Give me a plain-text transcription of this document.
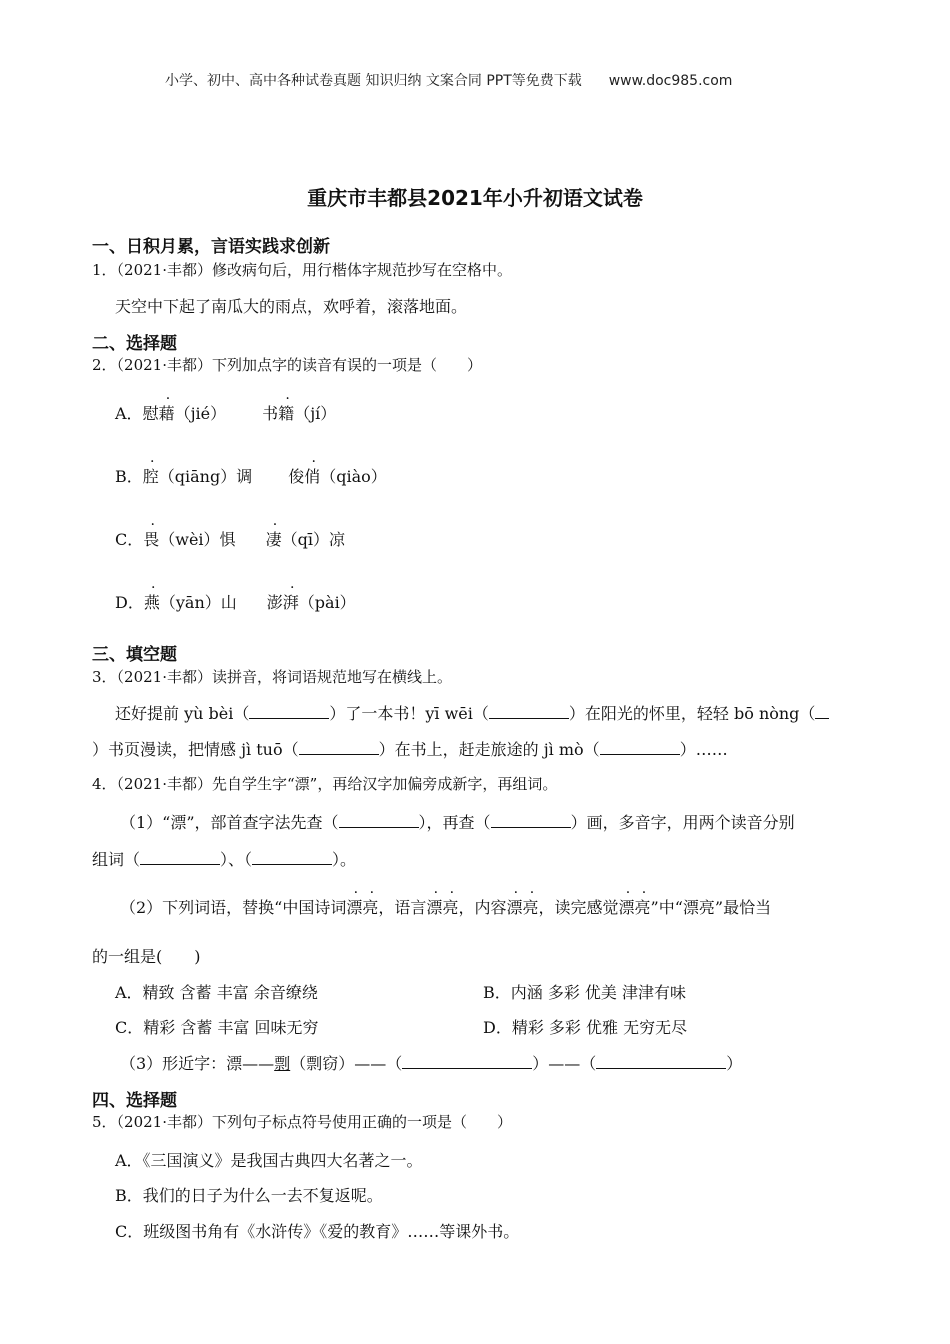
小学、初中、高中各种试卷真题 知识归纳 文案合同 PPT等免费下载 www.doc985.com
重庆市丰都县2021年小升初语文试卷
一、日积月累，言语实践求创新
1．（2021·丰都）修改病句后，用行楷体字规范抄写在空格中。
天空中下起了南瓜大的雨点，欢呼着，滚落地面。
二、选择题
2．（2021·丰都）下列加点字的读音有误的一项是（　　）
A．慰藉（jié） 书籍（jí）
B．腔（qiāng）调 俊俏（qiào）
C．畏（wèi）惧 凄（qī）凉
D．燕（yān）山 澎湃（pài）
三、填空题
3．（2021·丰都）读拼音，将词语规范地写在横线上。
还好提前 yù bèi（	）了一本书！yī wēi（	）在阳光的怀里，轻轻 bō nòng（
）书页漫读，把情感 jì tuō（	）在书上，赶走旅途的 jì mò（	）……
4．（2021·丰都）先自学生字“漂”，再给汉字加偏旁成新字，再组词。
（1）“漂”，部首查字法先查（	），再查（	）画，多音字，用两个读音分别
组词（	）、（	）。
（2）下列词语，替换“中国诗词漂亮，语言漂亮，内容漂亮，读完感觉漂亮”中“漂亮”最恰当
的一组是(　　)
A．精致 含蓄 丰富 余音缭绕	B．内涵 多彩 优美 津津有味
C．精彩 含蓄 丰富 回味无穷	D．精彩 多彩 优雅 无穷无尽
（3）形近字：漂——剽（剽窃）——（	）——（	）
四、选择题
5．（2021·丰都）下列句子标点符号使用正确的一项是（　　）
A．《三国演义》是我国古典四大名著之一。
B．我们的日子为什么一去不复返呢。
C．班级图书角有《水浒传》《爱的教育》……等课外书。
